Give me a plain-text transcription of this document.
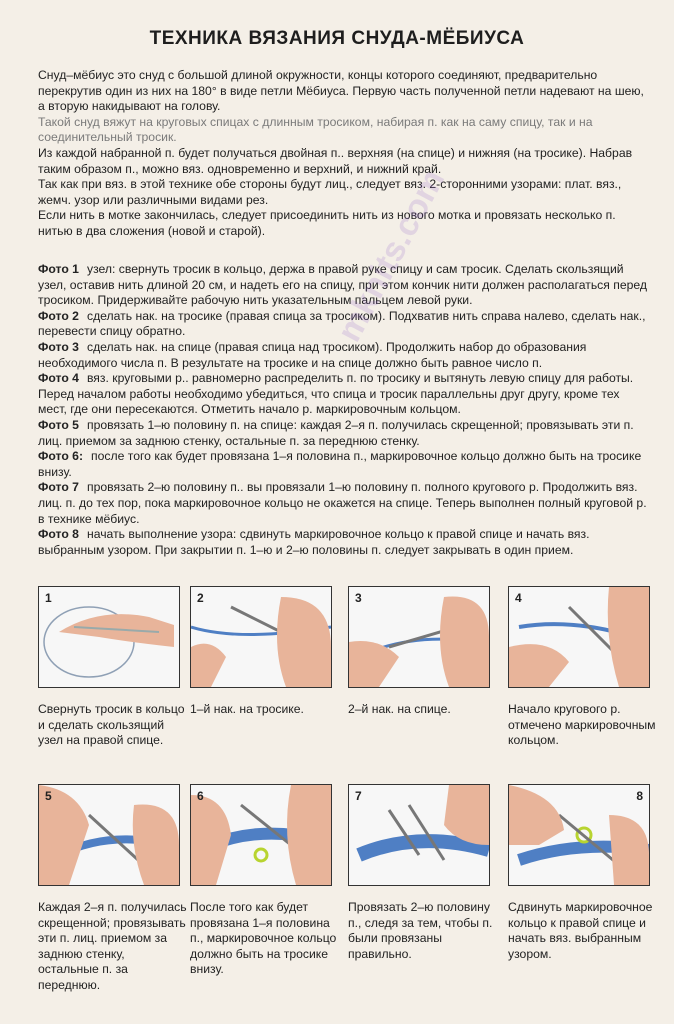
ТЕХНИКА ВЯЗАНИЯ СНУДА-МЁБИУСА

Снуд–мёбиус это снуд с большой длиной окружности, концы которого соединяют, предварительно перекрутив один из них на 180° в виде петли Мёбиуса. Первую часть полученной петли надевают на шею, а вторую накидывают на голову.

Такой снуд вяжут на круговых спицах с длинным тросиком, набирая п. как на саму спицу, так и на соединительный тросик.

Из каждой набранной п. будет получаться двойная п.. верхняя (на спице) и нижняя (на тросике). Набрав таким образом п., можно вяз. одновременно и верхний, и нижний край.

Так как при вяз. в этой технике обе стороны будут лиц., следует вяз. 2-сторонними узорами: плат. вяз., жемч. узор или различными видами рез.

Если нить в мотке закончилась, следует присоединить нить из нового мотка и провязать несколько п. нитью в два сложения (новой и старой).

Фото 1 узел: свернуть тросик в кольцо, держа в правой руке спицу и сам тросик. Сделать скользящий узел, оставив нить длиной 20 см, и надеть его на спицу, при этом кончик нити должен располагаться перед тросиком. Придерживайте рабочую нить указательным пальцем левой руки.

Фото 2 сделать нак. на тросике (правая спица за тросиком). Подхватив нить справа налево, сделать нак., перевести спицу обратно.

Фото 3 сделать нак. на спице (правая спица над тросиком). Продолжить набор до образования необходимого числа п. В результате на тросике и на спице должно быть равное число п.

Фото 4 вяз. круговыми р.. равномерно распределить п. по тросику и вытянуть левую спицу для работы. Перед началом работы необходимо убедиться, что спица и тросик параллельны друг другу, кроме тех мест, где они пересекаются. Отметить начало р. маркировочным кольцом.

Фото 5 провязать 1–ю половину п. на спице: каждая 2–я п. получилась скрещенной; провязывать эти п. лиц. приемом за заднюю стенку, остальные п. за переднюю стенку.

Фото 6: после того как будет провязана 1–я половина п., маркировочное кольцо должно быть на тросике внизу.

Фото 7 провязать 2–ю половину п.. вы провязали 1–ю половину п. полного кругового р. Продолжить вяз. лиц. п. до тех пор, пока маркировочное кольцо не окажется на спице. Теперь выполнен полный круговой р. в технике мёбиус.

Фото 8 начать выполнение узора: сдвинуть маркировочное кольцо к правой спице и начать вяз. выбранным узором. При закрытии п. 1–ю и 2–ю половины п. следует закрывать в один прием.

mknits.com
1	2	3	4
Свернуть тросик в кольцо и сделать скользящий узел на правой спице.
1–й нак. на тросике.	2–й нак. на спице.	Начало кругового р. отмечено маркировочным кольцом.
5	6	7	8
Каждая 2–я п. получилась скрещенной; провязывать эти п. лиц. приемом за заднюю стенку, остальные п. за переднюю.
После того как будет провязана 1–я половина п., маркировочное кольцо должно быть на тросике внизу.
Провязать 2–ю половину п., следя за тем, чтобы п. были провязаны правильно.
Сдвинуть маркировочное кольцо к правой спице и начать вяз. выбранным узором.
